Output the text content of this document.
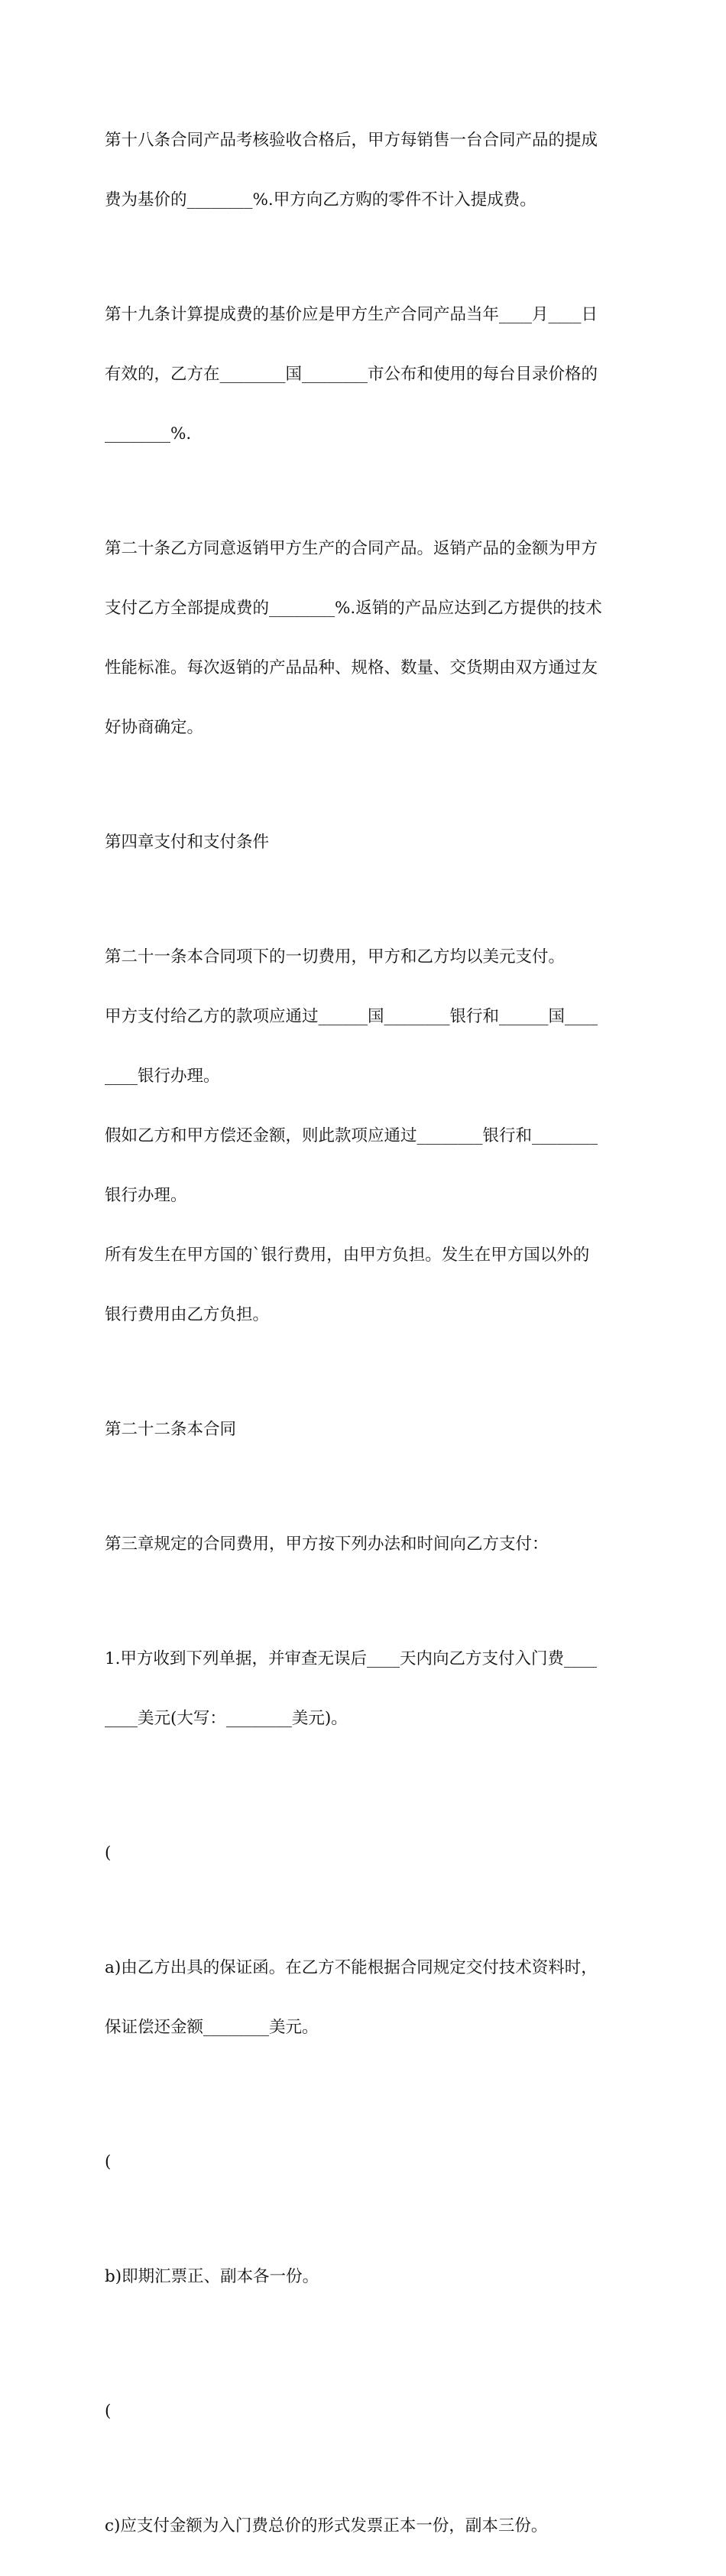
第十八条合同产品考核验收合格后，甲方每销售一台合同产品的提成

费为基价的________%.甲方向乙方购的零件不计入提成费。

第十九条计算提成费的基价应是甲方生产合同产品当年____月____日

有效的，乙方在________国________市公布和使用的每台目录价格的

________%.

第二十条乙方同意返销甲方生产的合同产品。返销产品的金额为甲方

支付乙方全部提成费的________%.返销的产品应达到乙方提供的技术

性能标准。每次返销的产品品种、规格、数量、交货期由双方通过友

好协商确定。

第四章支付和支付条件

第二十一条本合同项下的一切费用，甲方和乙方均以美元支付。

甲方支付给乙方的款项应通过______国________银行和______国____

____银行办理。

假如乙方和甲方偿还金额，则此款项应通过________银行和________

银行办理。

所有发生在甲方国的`银行费用，由甲方负担。发生在甲方国以外的

银行费用由乙方负担。

第二十二条本合同

第三章规定的合同费用，甲方按下列办法和时间向乙方支付：

1.甲方收到下列单据，并审查无误后____天内向乙方支付入门费____

____美元(大写：________美元)。

(

a)由乙方出具的保证函。在乙方不能根据合同规定交付技术资料时，

保证偿还金额________美元。

(

b)即期汇票正、副本各一份。

(

c)应支付金额为入门费总价的形式发票正本一份，副本三份。
